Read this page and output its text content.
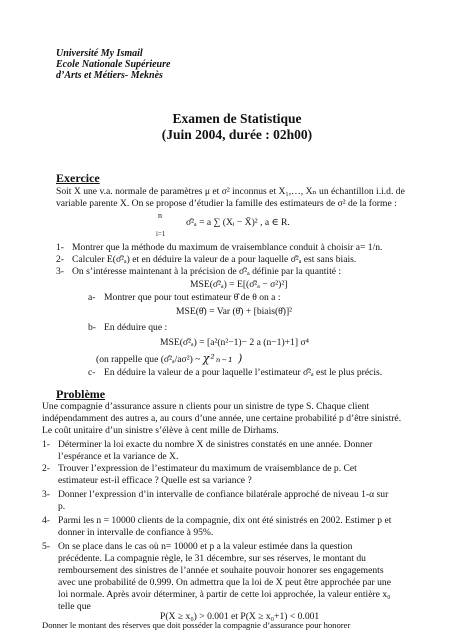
Université My Ismail
Ecole Nationale Supérieure
d’Arts et Métiers- Meknès
Examen de Statistique
(Juin 2004, durée : 02h00)
Exercice
Soit X une v.a. normale de paramètres μ et σ² inconnus et X₁,…, Xₙ un échantillon i.i.d. de
variable parente X. On se propose d’étudier la famille des estimateurs de σ² de la forme :
n
σ̂²ₐ = a ∑ (Xᵢ − X̄)² , a ∈ R.
i=1
1- Montrer que la méthode du maximum de vraisemblance conduit à choisir a= 1/n.
2- Calculer E(σ̂²ₐ) et en déduire la valeur de a pour laquelle σ̂²ₐ est sans biais.
3- On s’intéresse maintenant à la précision de σ̂²ₐ définie par la quantité :
MSE(σ̂²ₐ) = E[(σ̂²ₐ − σ²)²]
a- Montrer que pour tout estimateur θ̂ de θ on a :
MSE(θ̂) = Var (θ̂) + [biais(θ̂)]²
b- En déduire que :
MSE(σ̂²ₐ) = [a²(n²−1)− 2 a (n−1)+1] σ⁴
(on rappelle que (σ̂²ₐ/aσ²) ~ χ²ₙ₋₁ )
c- En déduire la valeur de a pour laquelle l’estimateur σ̂²ₐ est le plus précis.
Problème
Une compagnie d’assurance assure n clients pour un sinistre de type S. Chaque client
indépendamment des autres a, au cours d’une année, une certaine probabilité p d’être sinistré.
Le coût unitaire d’un sinistre s’élève à cent mille de Dirhams.
1- Déterminer la loi exacte du nombre X de sinistres constatés en une année. Donner
l’espérance et la variance de X.
2- Trouver l’expression de l’estimateur du maximum de vraisemblance de p. Cet
estimateur est-il efficace ? Quelle est sa variance ?
3- Donner l’expression d’in intervalle de confiance bilatérale approché de niveau 1-α sur
p.
4- Parmi les n = 10000 clients de la compagnie, dix ont été sinistrés en 2002. Estimer p et
donner in intervalle de confiance à 95%.
5- On se place dans le cas où n= 10000 et p a la valeur estimée dans la question
précédente. La compagnie règle, le 31 décembre, sur ses réserves, le montant du
remboursement des sinistres de l’année et souhaite pouvoir honorer ses engagements
avec une probabilité de 0.999. On admettra que la loi de X peut être approchée par une
loi normale. Après avoir déterminer, à partir de cette loi approchée, la valeur entière x₀
telle que
P(X ≥ x₀) > 0.001 et P(X ≥ x₀+1) < 0.001
Donner le montant des réserves que doit posséder la compagnie d’assurance pour honorer
